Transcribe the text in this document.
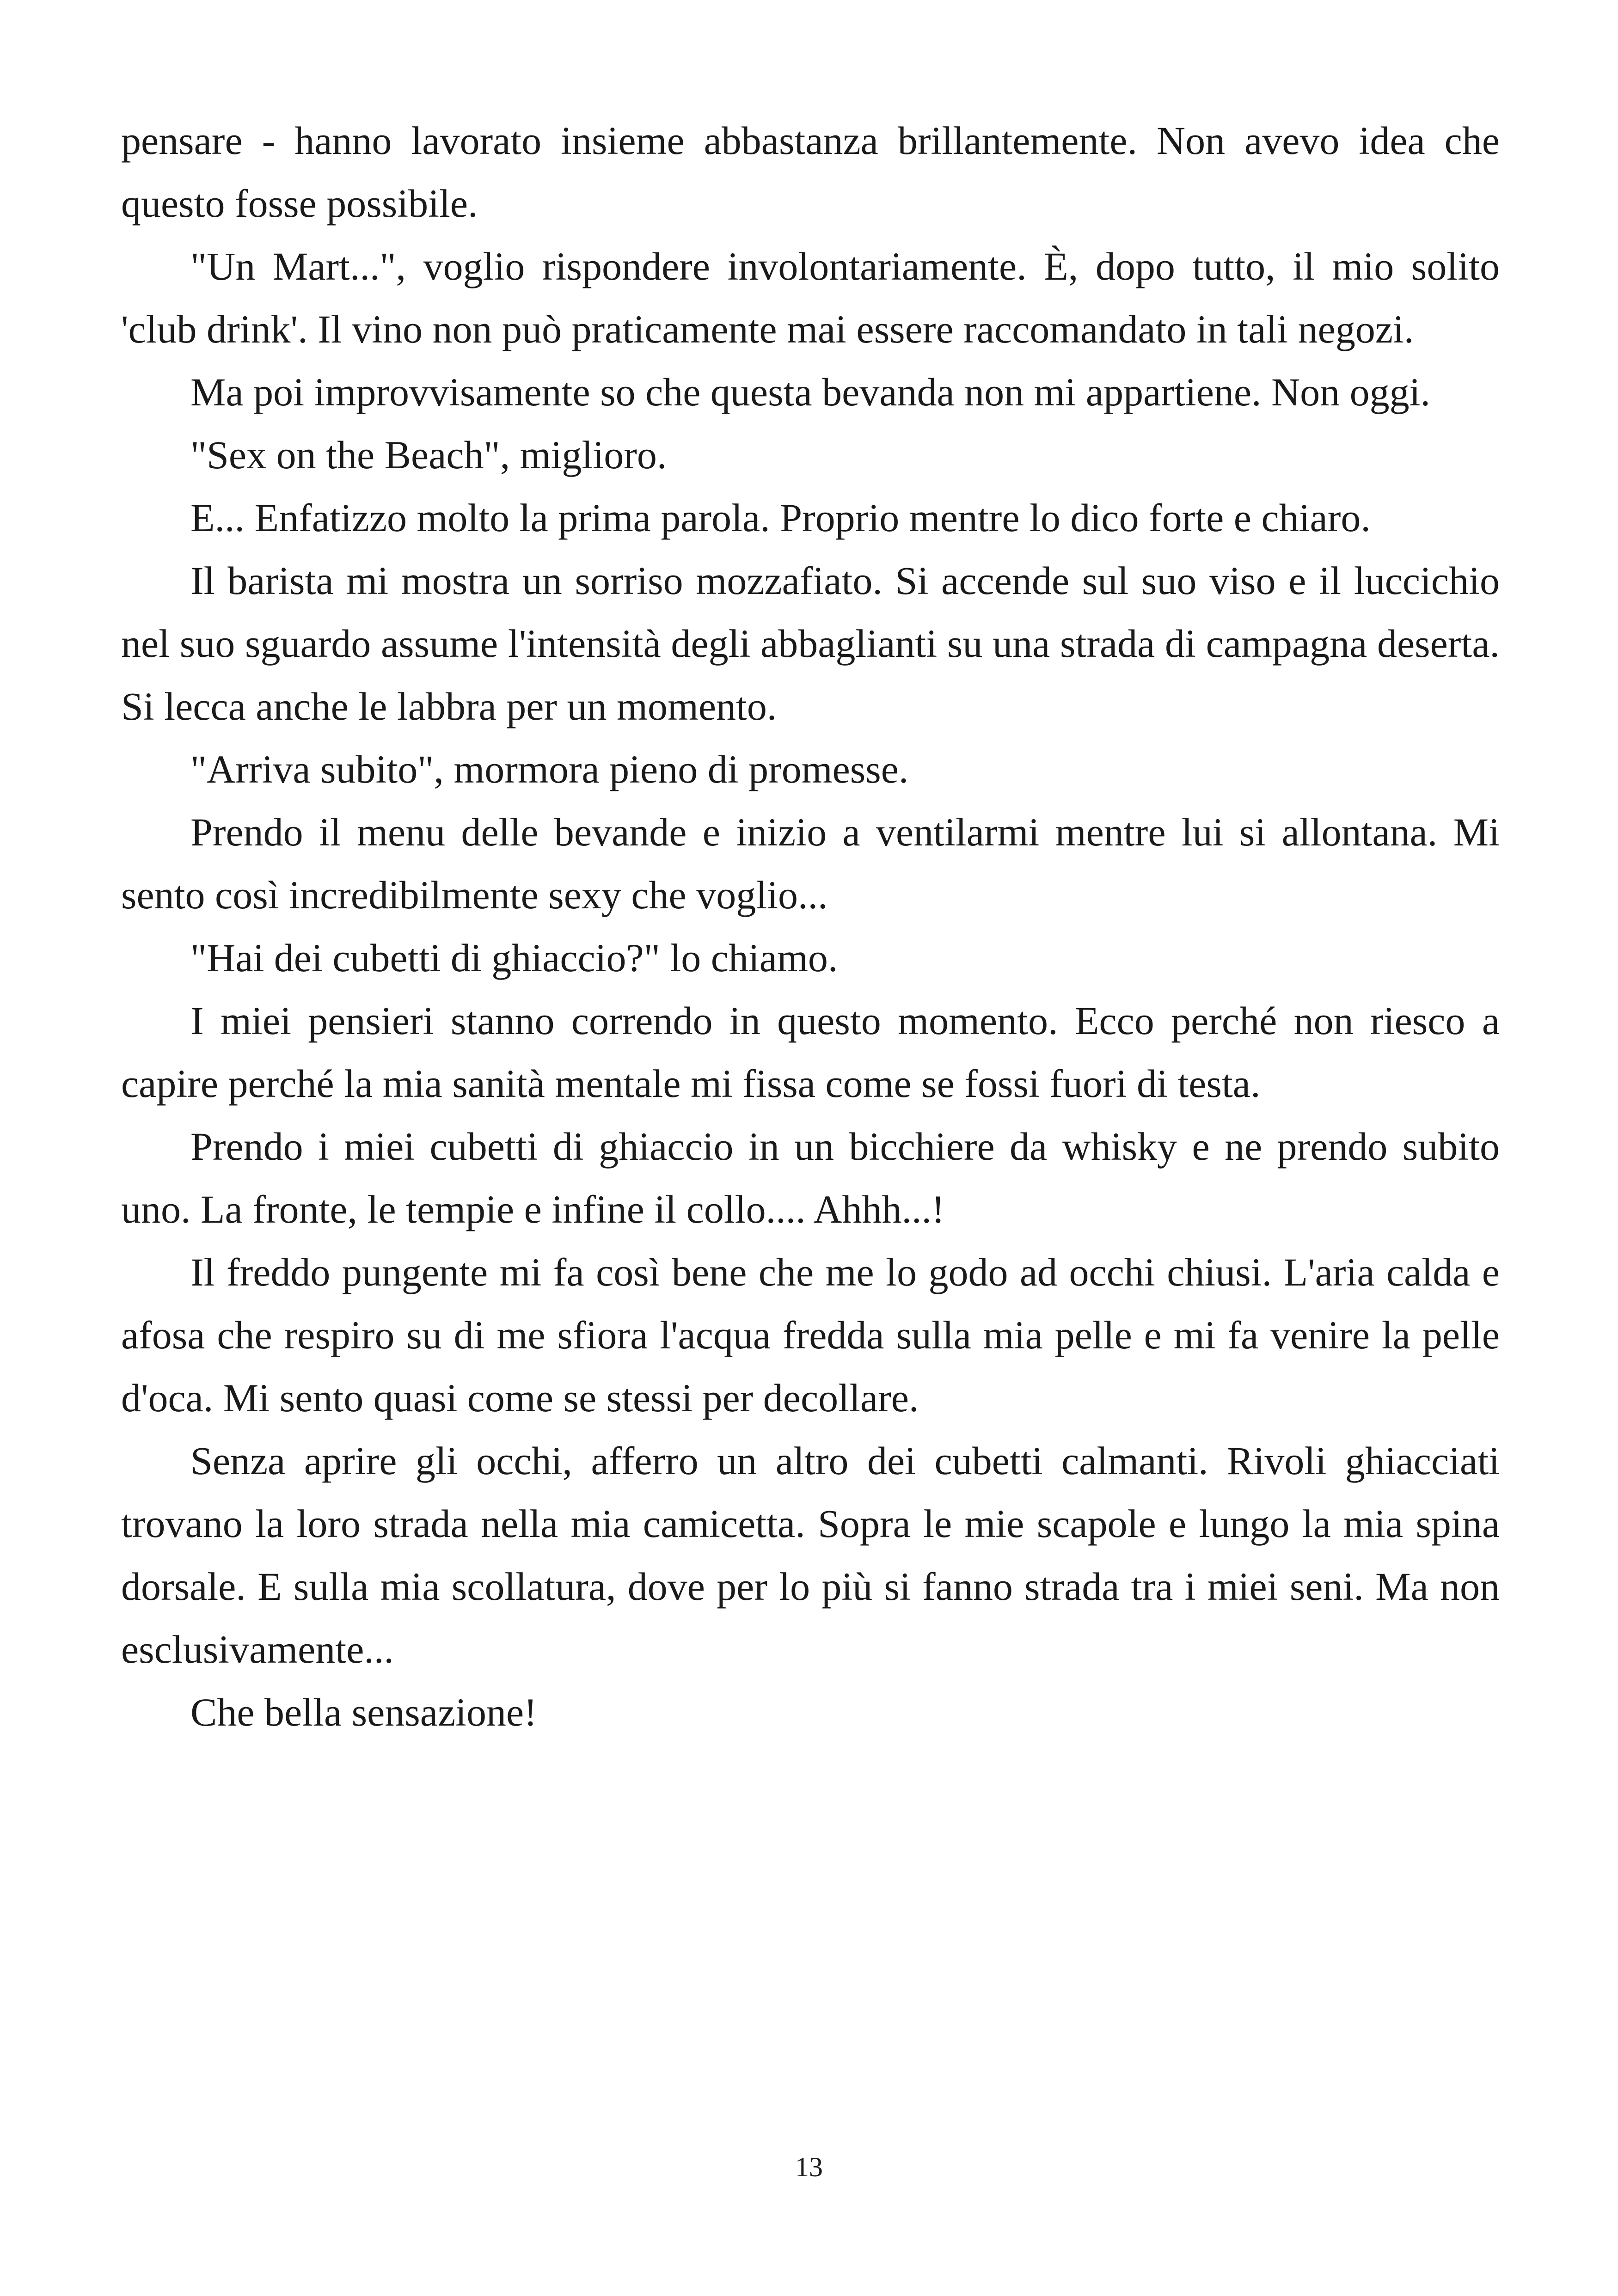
pensare - hanno lavorato insieme abbastanza brillantemente. Non avevo idea che questo fosse possibile.

"Un Mart...", voglio rispondere involontariamente. È, dopo tutto, il mio solito 'club drink'. Il vino non può praticamente mai essere raccomandato in tali negozi.

Ma poi improvvisamente so che questa bevanda non mi appartiene. Non oggi.

"Sex on the Beach", miglioro.

E... Enfatizzo molto la prima parola. Proprio mentre lo dico forte e chiaro.

Il barista mi mostra un sorriso mozzafiato. Si accende sul suo viso e il luccichio nel suo sguardo assume l'intensità degli abbaglianti su una strada di campagna deserta. Si lecca anche le labbra per un momento.

"Arriva subito", mormora pieno di promesse.

Prendo il menu delle bevande e inizio a ventilarmi mentre lui si allontana. Mi sento così incredibilmente sexy che voglio...

"Hai dei cubetti di ghiaccio?" lo chiamo.

I miei pensieri stanno correndo in questo momento. Ecco perché non riesco a capire perché la mia sanità mentale mi fissa come se fossi fuori di testa.

Prendo i miei cubetti di ghiaccio in un bicchiere da whisky e ne prendo subito uno. La fronte, le tempie e infine il collo.... Ahhh...!

Il freddo pungente mi fa così bene che me lo godo ad occhi chiusi. L'aria calda e afosa che respiro su di me sfiora l'acqua fredda sulla mia pelle e mi fa venire la pelle d'oca. Mi sento quasi come se stessi per decollare.

Senza aprire gli occhi, afferro un altro dei cubetti calmanti. Rivoli ghiacciati trovano la loro strada nella mia camicetta. Sopra le mie scapole e lungo la mia spina dorsale. E sulla mia scollatura, dove per lo più si fanno strada tra i miei seni. Ma non esclusivamente...

Che bella sensazione!

13
